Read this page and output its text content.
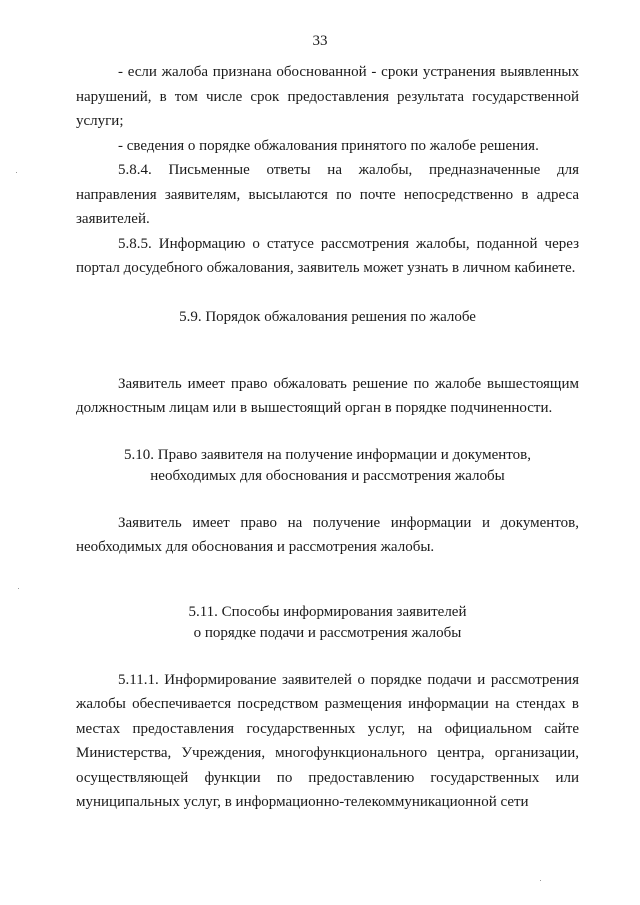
33

- если жалоба признана обоснованной - сроки устранения выявленных нарушений, в том числе срок предоставления результата государственной услуги;

- сведения о порядке обжалования принятого по жалобе решения.

5.8.4. Письменные ответы на жалобы, предназначенные для направления заявителям, высылаются по почте непосредственно в адреса заявителей.

5.8.5. Информацию о статусе рассмотрения жалобы, поданной через портал досудебного обжалования, заявитель может узнать в личном кабинете.

5.9. Порядок обжалования решения по жалобе

Заявитель имеет право обжаловать решение по жалобе вышестоящим должностным лицам или в вышестоящий орган в порядке подчиненности.

5.10. Право заявителя на получение информации и документов,

необходимых для обоснования и рассмотрения жалобы

Заявитель имеет право на получение информации и документов, необходимых для обоснования и рассмотрения жалобы.

5.11. Способы информирования заявителей

о порядке подачи и рассмотрения жалобы

5.11.1. Информирование заявителей о порядке подачи и рассмотрения жалобы обеспечивается посредством размещения информации на стендах в местах предоставления государственных услуг, на официальном сайте Министерства, Учреждения, многофункционального центра, организации, осуществляющей функции по предоставлению государственных или муниципальных услуг, в информационно-телекоммуникационной сети
